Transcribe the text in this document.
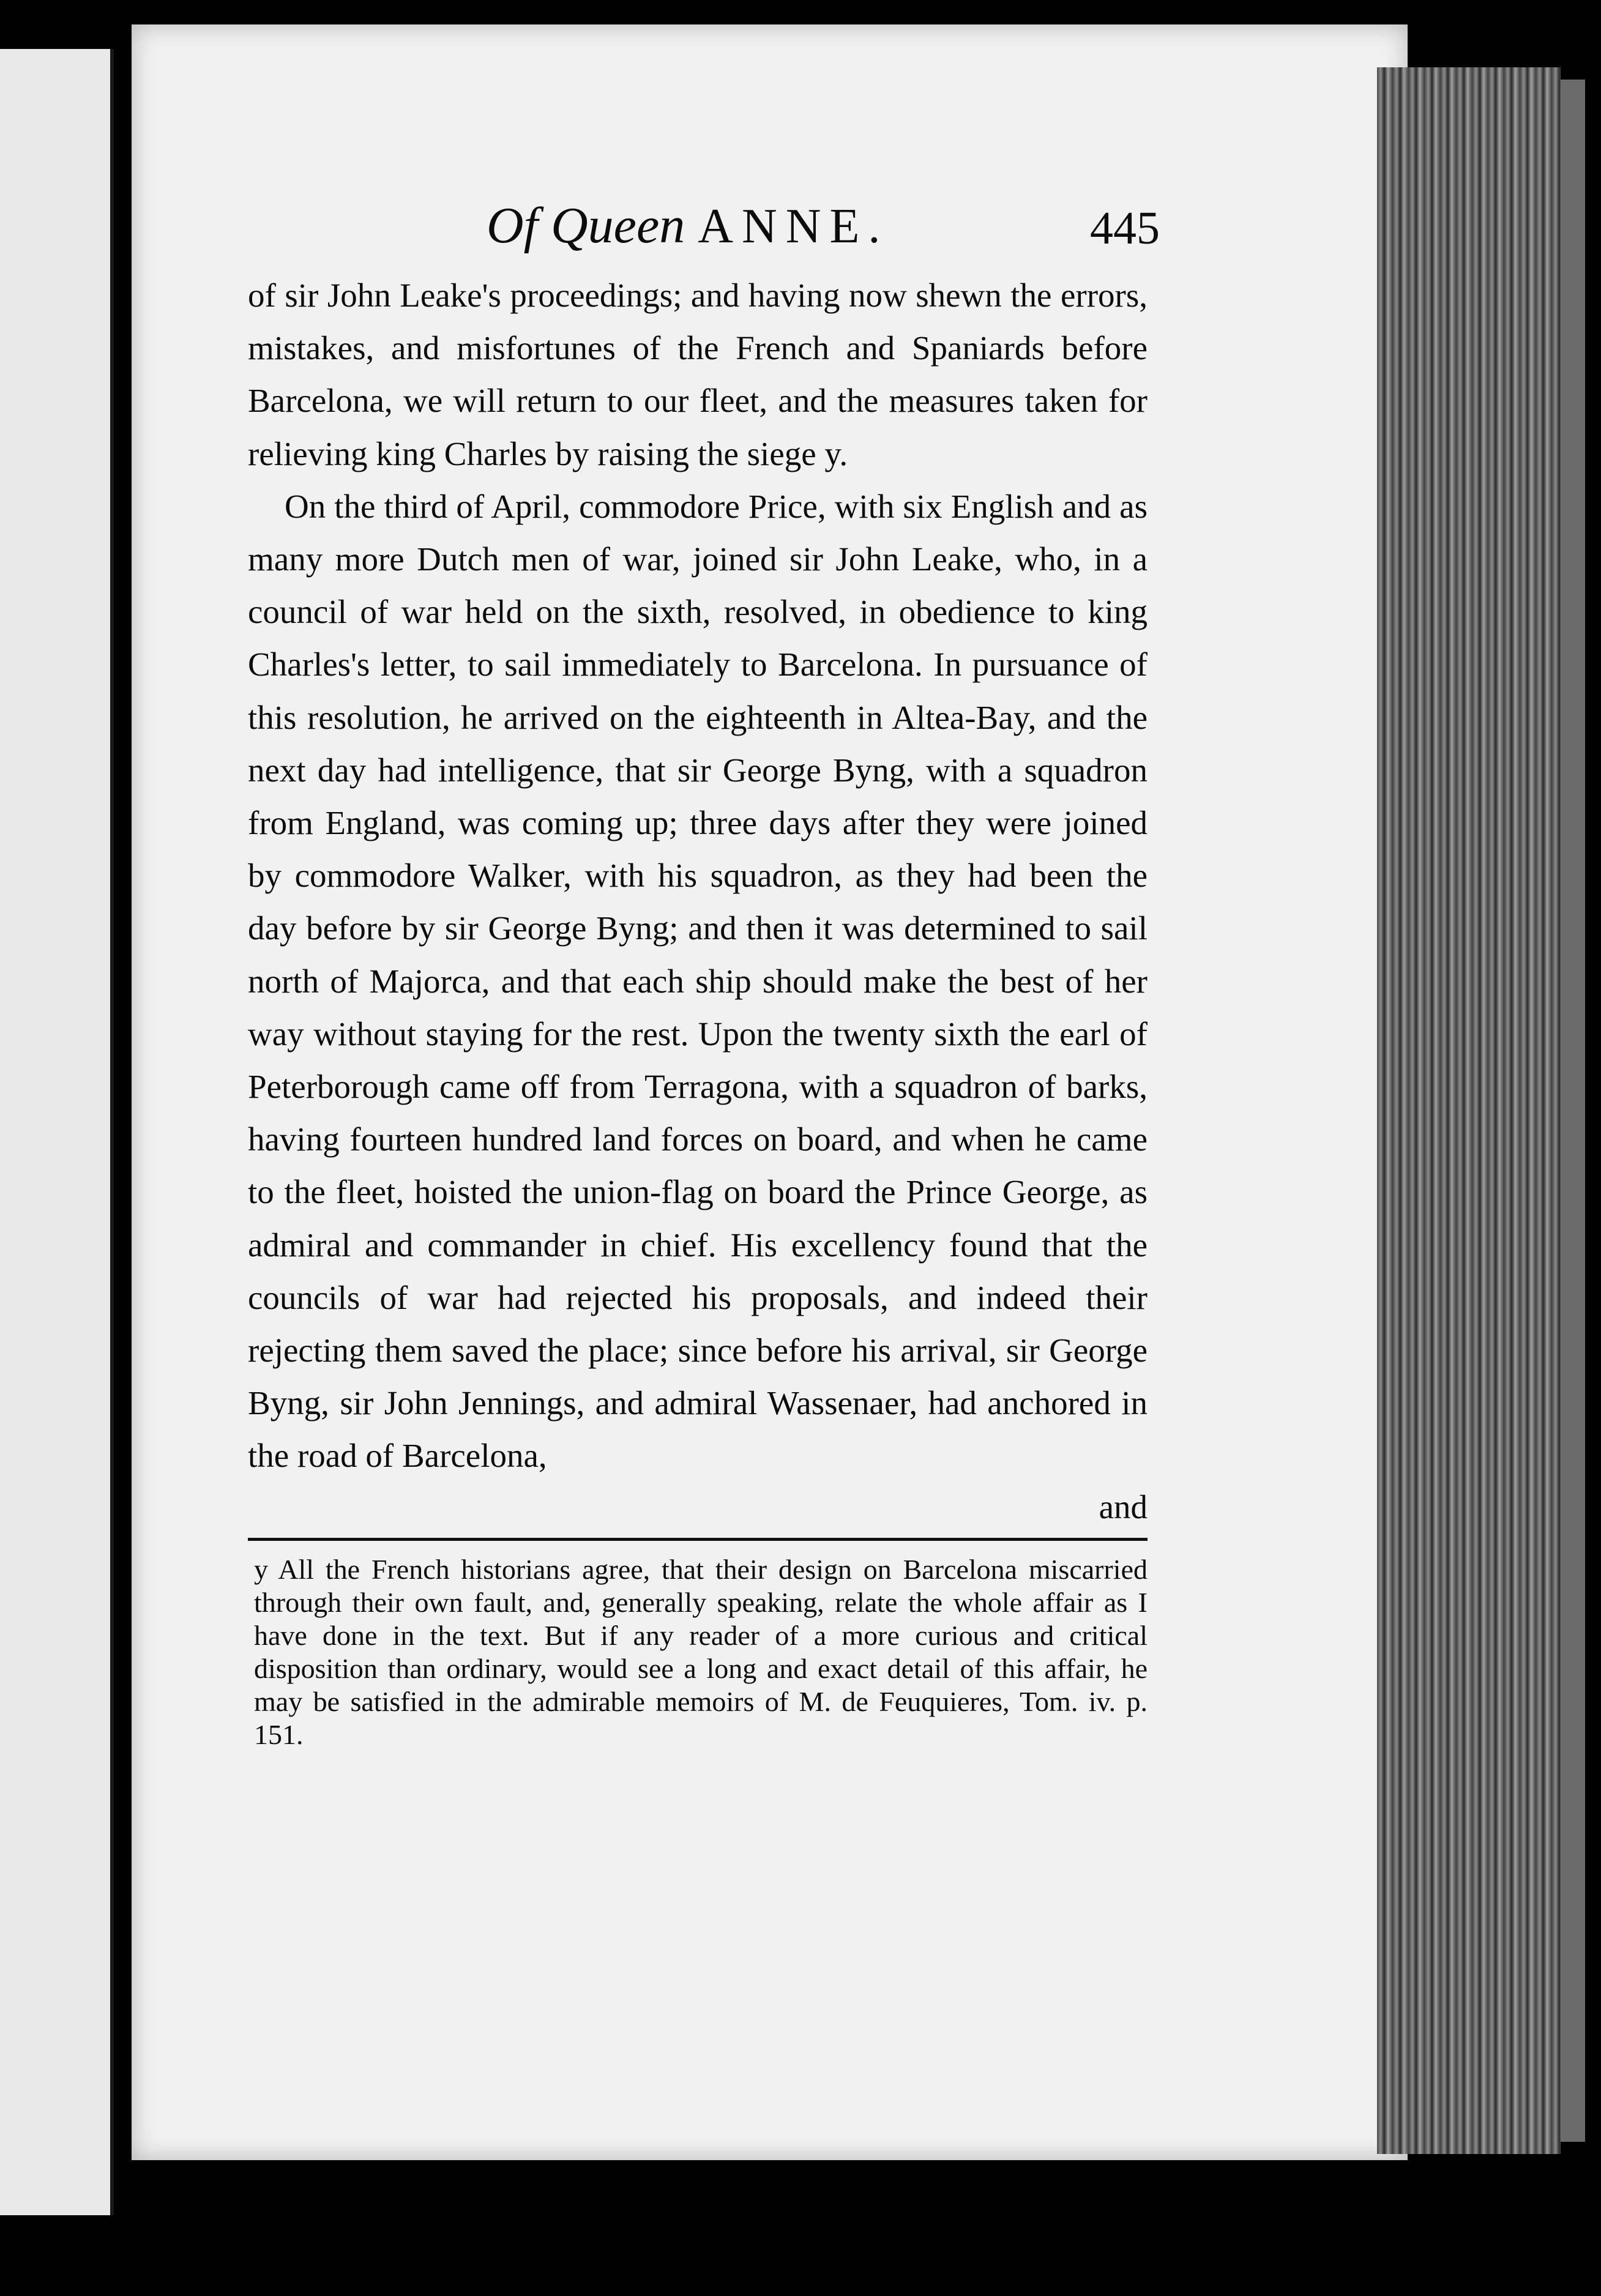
Of Queen ANNE.	445

of sir John Leake's proceedings; and having now shewn the errors, mistakes, and misfortunes of the French and Spaniards before Barcelona, we will return to our fleet, and the measures taken for relieving king Charles by raising the siege y.

On the third of April, commodore Price, with six English and as many more Dutch men of war, joined sir John Leake, who, in a council of war held on the sixth, resolved, in obedience to king Charles's letter, to sail immediately to Barcelona. In pursuance of this resolution, he arrived on the eighteenth in Altea-Bay, and the next day had intelligence, that sir George Byng, with a squadron from England, was coming up; three days after they were joined by commodore Walker, with his squadron, as they had been the day before by sir George Byng; and then it was determined to sail north of Majorca, and that each ship should make the best of her way without staying for the rest. Upon the twenty sixth the earl of Peterborough came off from Terragona, with a squadron of barks, having fourteen hundred land forces on board, and when he came to the fleet, hoisted the union-flag on board the Prince George, as admiral and commander in chief. His excellency found that the councils of war had rejected his proposals, and indeed their rejecting them saved the place; since before his arrival, sir George Byng, sir John Jennings, and admiral Wassenaer, had anchored in the road of Barcelona,

and
y All the French historians agree, that their design on Barcelona miscarried through their own fault, and, generally speaking, relate the whole affair as I have done in the text. But if any reader of a more curious and critical disposition than ordinary, would see a long and exact detail of this affair, he may be satisfied in the admirable memoirs of M. de Feuquieres, Tom. iv. p. 151.
